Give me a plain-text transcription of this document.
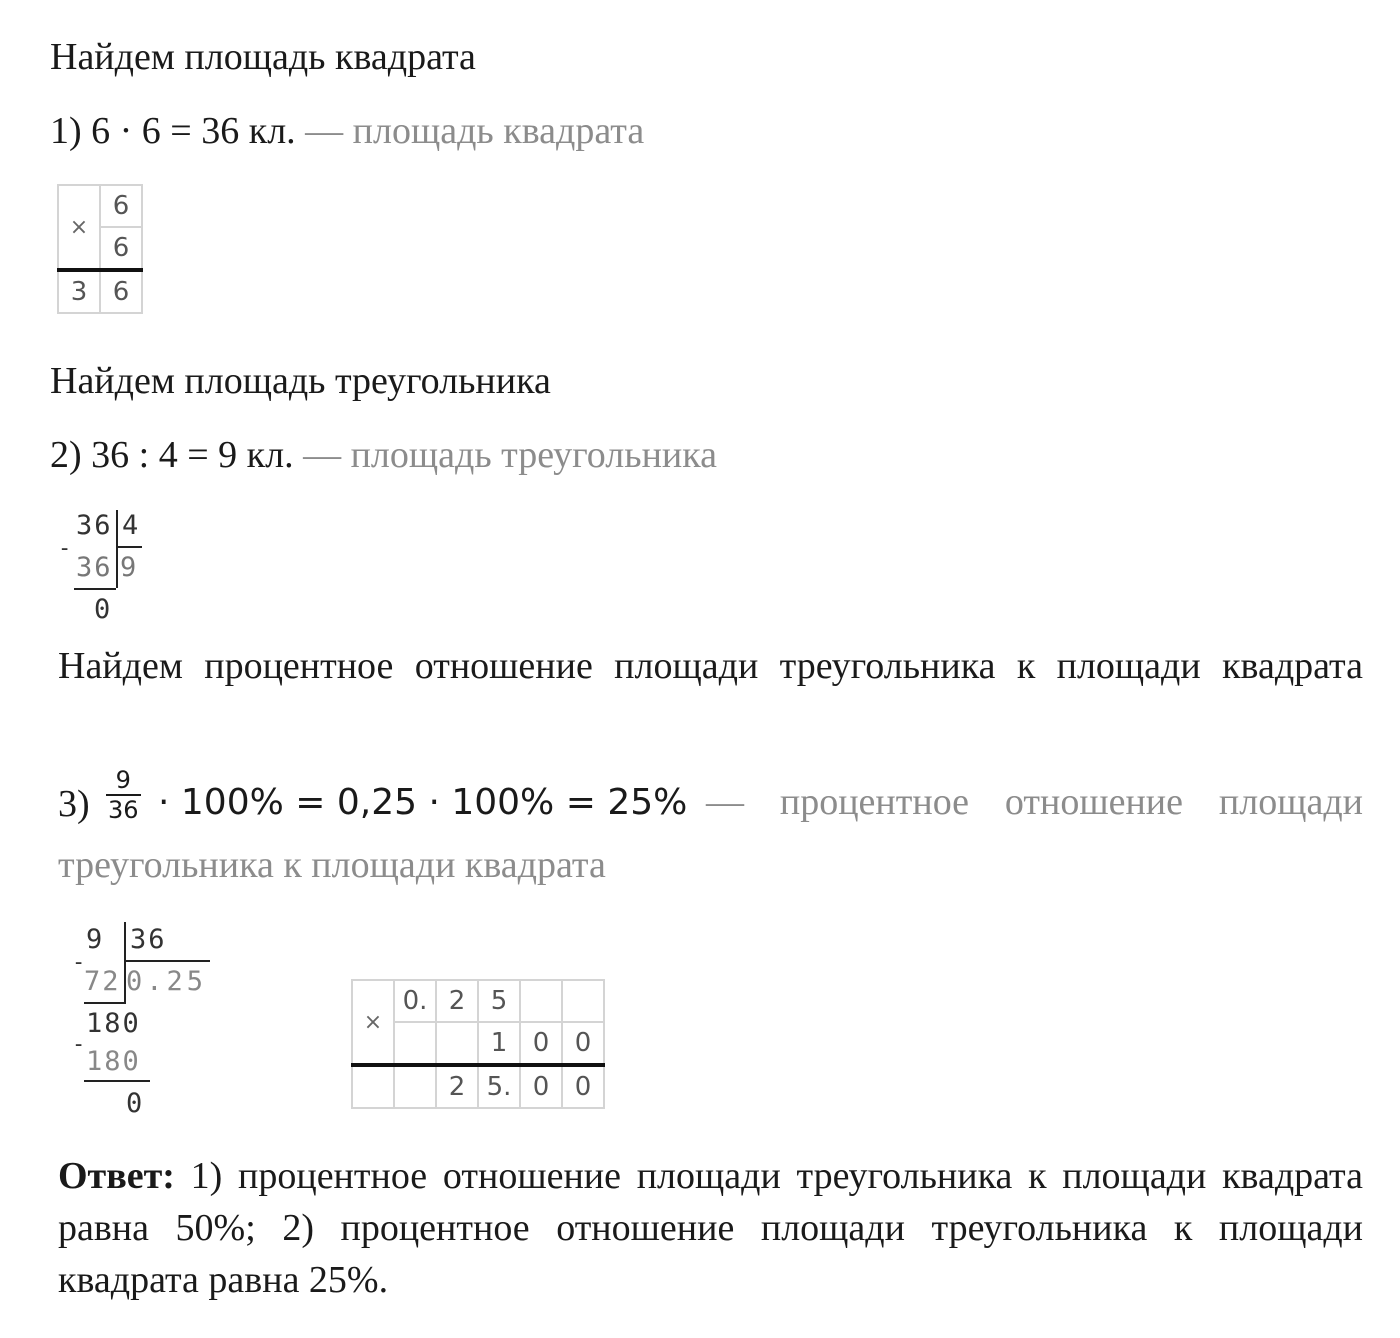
Найдем площадь квадрата
1) 6 · 6 = 36 кл. — площадь квадрата
×	6
	6
3	6
Найдем площадь треугольника
2) 36 : 4 = 9 кл. — площадь треугольника
36 4
-
36 9
0
Найдем процентное отношение площади треугольника к площади квадрата
$3) \frac{9}{36} \cdot 100\% = 0,25 \cdot 100\% = 25\%$ — процентное отношение площади
треугольника к площади квадрата
9 36
-
72 0.25
180
-
180
0
×	0.	2	5		
			1	0	0
		2	5.	0	0
Ответ: 1) процентное отношение площади треугольника к площади квадрата равна 50%; 2) процентное отношение площади треугольника к площади квадрата равна 25%.
